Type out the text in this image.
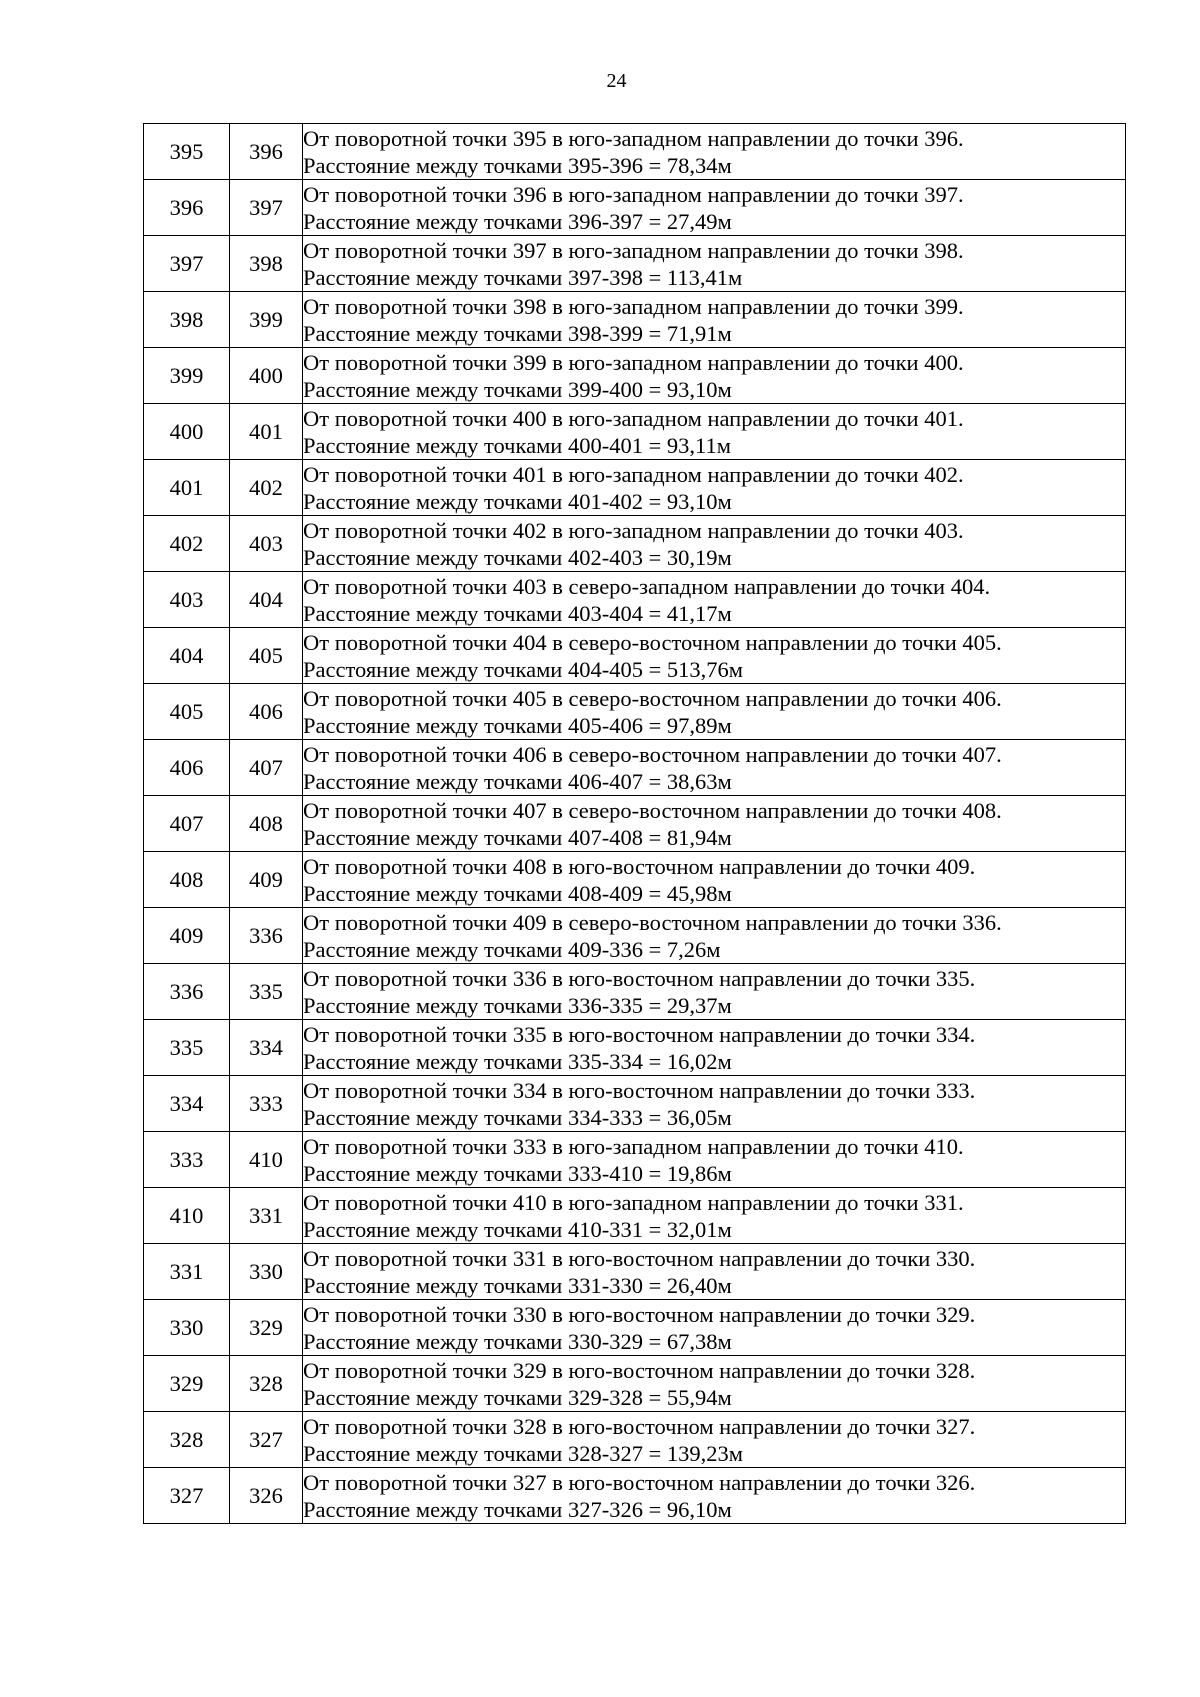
24
395	396	От поворотной точки 395 в юго-западном направлении до точки 396.
Расстояние между точками 395-396 = 78,34м

396	397	От поворотной точки 396 в юго-западном направлении до точки 397.
Расстояние между точками 396-397 = 27,49м

397	398	От поворотной точки 397 в юго-западном направлении до точки 398.
Расстояние между точками 397-398 = 113,41м

398	399	От поворотной точки 398 в юго-западном направлении до точки 399.
Расстояние между точками 398-399 = 71,91м

399	400	От поворотной точки 399 в юго-западном направлении до точки 400.
Расстояние между точками 399-400 = 93,10м

400	401	От поворотной точки 400 в юго-западном направлении до точки 401.
Расстояние между точками 400-401 = 93,11м

401	402	От поворотной точки 401 в юго-западном направлении до точки 402.
Расстояние между точками 401-402 = 93,10м

402	403	От поворотной точки 402 в юго-западном направлении до точки 403.
Расстояние между точками 402-403 = 30,19м

403	404	От поворотной точки 403 в северо-западном направлении до точки 404.
Расстояние между точками 403-404 = 41,17м

404	405	От поворотной точки 404 в северо-восточном направлении до точки 405.
Расстояние между точками 404-405 = 513,76м

405	406	От поворотной точки 405 в северо-восточном направлении до точки 406.
Расстояние между точками 405-406 = 97,89м

406	407	От поворотной точки 406 в северо-восточном направлении до точки 407.
Расстояние между точками 406-407 = 38,63м

407	408	От поворотной точки 407 в северо-восточном направлении до точки 408.
Расстояние между точками 407-408 = 81,94м

408	409	От поворотной точки 408 в юго-восточном направлении до точки 409.
Расстояние между точками 408-409 = 45,98м

409	336	От поворотной точки 409 в северо-восточном направлении до точки 336.
Расстояние между точками 409-336 = 7,26м

336	335	От поворотной точки 336 в юго-восточном направлении до точки 335.
Расстояние между точками 336-335 = 29,37м

335	334	От поворотной точки 335 в юго-восточном направлении до точки 334.
Расстояние между точками 335-334 = 16,02м

334	333	От поворотной точки 334 в юго-восточном направлении до точки 333.
Расстояние между точками 334-333 = 36,05м

333	410	От поворотной точки 333 в юго-западном направлении до точки 410.
Расстояние между точками 333-410 = 19,86м

410	331	От поворотной точки 410 в юго-западном направлении до точки 331.
Расстояние между точками 410-331 = 32,01м

331	330	От поворотной точки 331 в юго-восточном направлении до точки 330.
Расстояние между точками 331-330 = 26,40м

330	329	От поворотной точки 330 в юго-восточном направлении до точки 329.
Расстояние между точками 330-329 = 67,38м

329	328	От поворотной точки 329 в юго-восточном направлении до точки 328.
Расстояние между точками 329-328 = 55,94м

328	327	От поворотной точки 328 в юго-восточном направлении до точки 327.
Расстояние между точками 328-327 = 139,23м

327	326	От поворотной точки 327 в юго-восточном направлении до точки 326.
Расстояние между точками 327-326 = 96,10м
